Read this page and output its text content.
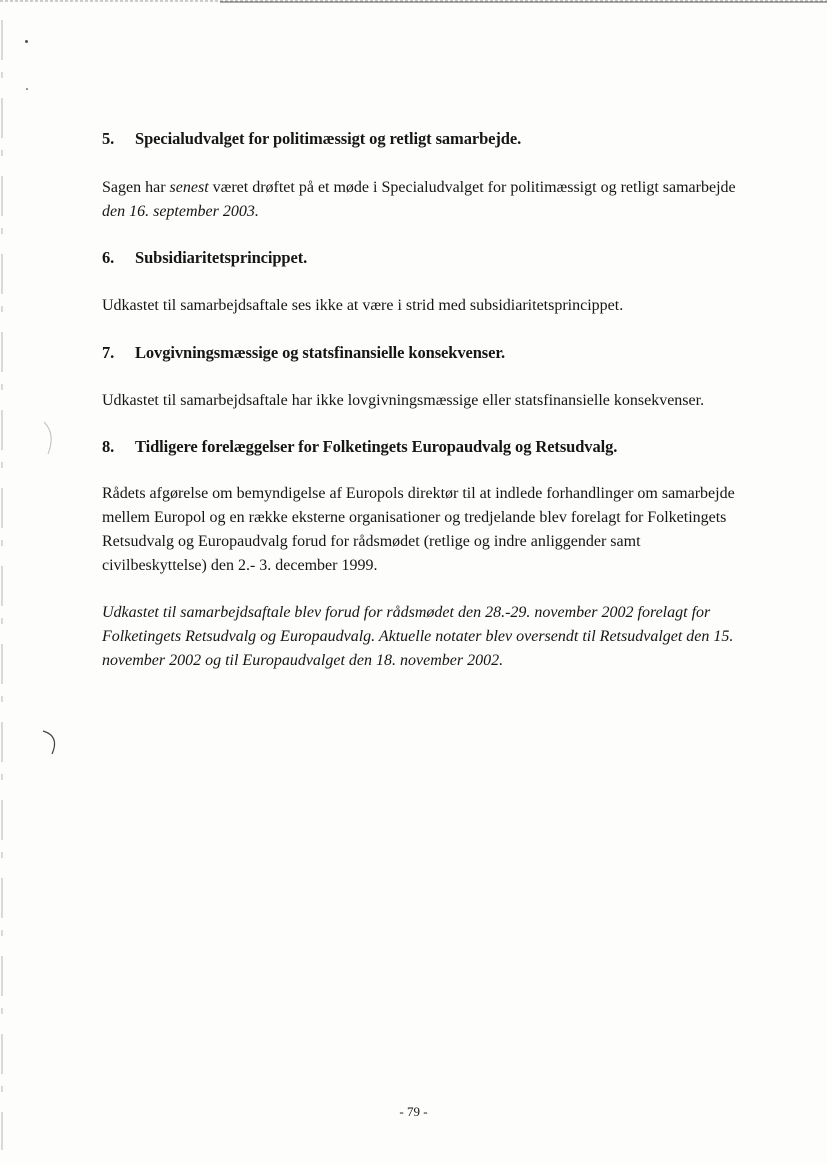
5. Specialudvalget for politimæssigt og retligt samarbejde.

Sagen har senest været drøftet på et møde i Specialudvalget for politimæssigt og retligt samarbejde den 16. september 2003.

6. Subsidiaritetsprincippet.

Udkastet til samarbejdsaftale ses ikke at være i strid med subsidiaritetsprincippet.

7. Lovgivningsmæssige og statsfinansielle konsekvenser.

Udkastet til samarbejdsaftale har ikke lovgivningsmæssige eller statsfinansielle konsekvenser.

8. Tidligere forelæggelser for Folketingets Europaudvalg og Retsudvalg.

Rådets afgørelse om bemyndigelse af Europols direktør til at indlede forhandlinger om samarbejde mellem Europol og en række eksterne organisationer og tredjelande blev forelagt for Folketingets Retsudvalg og Europaudvalg forud for rådsmødet (retlige og indre anliggender samt civilbeskyttelse) den 2.- 3. december 1999.

Udkastet til samarbejdsaftale blev forud for rådsmødet den 28.-29. november 2002 forelagt for Folketingets Retsudvalg og Europaudvalg. Aktuelle notater blev oversendt til Retsudvalget den 15. november 2002 og til Europaudvalget den 18. november 2002.

- 79 -
